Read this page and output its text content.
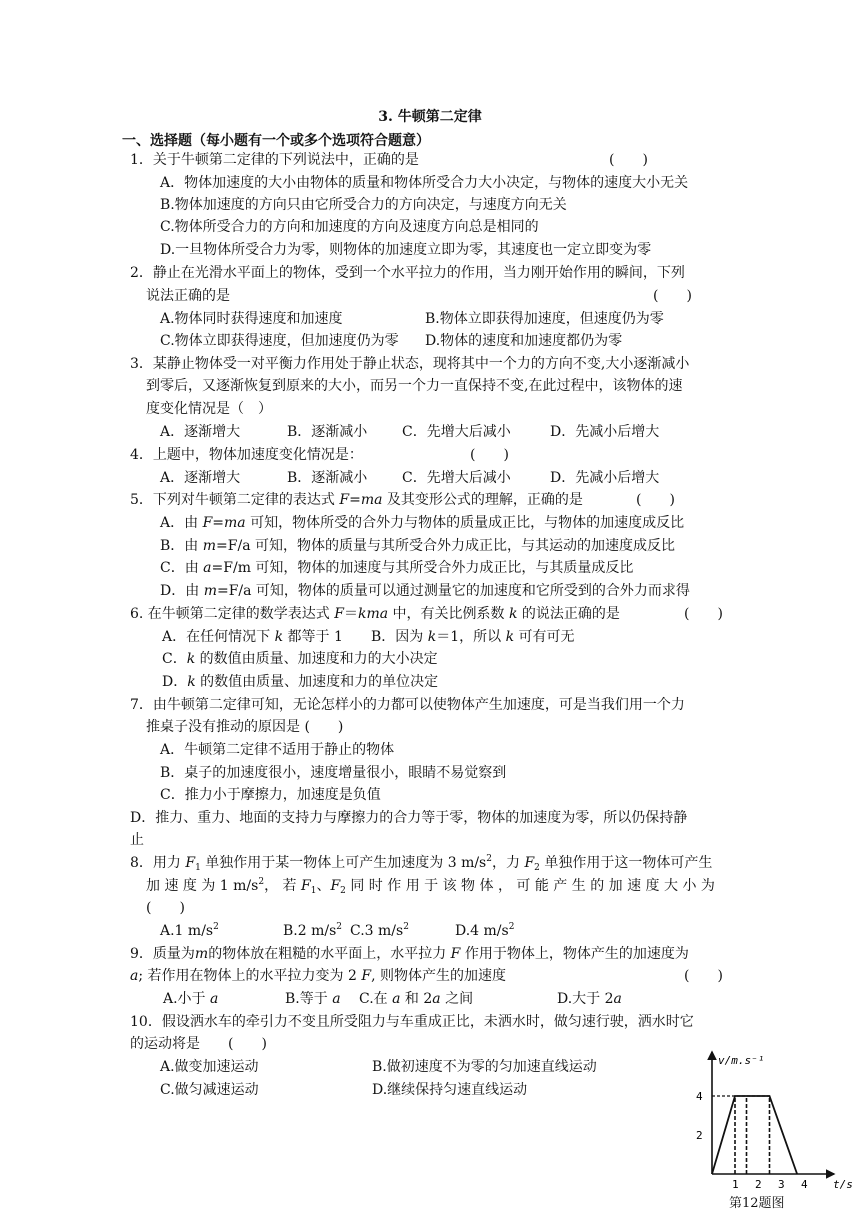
3. 牛顿第二定律
一、选择题（每小题有一个或多个选项符合题意）
1．关于牛顿第二定律的下列说法中，正确的是	(　　)
A．物体加速度的大小由物体的质量和物体所受合力大小决定，与物体的速度大小无关
B.物体加速度的方向只由它所受合力的方向决定，与速度方向无关
C.物体所受合力的方向和加速度的方向及速度方向总是相同的
D.一旦物体所受合力为零，则物体的加速度立即为零，其速度也一定立即变为零
2．静止在光滑水平面上的物体，受到一个水平拉力的作用，当力刚开始作用的瞬间，下列
说法正确的是	(　　)
A.物体同时获得速度和加速度	B.物体立即获得加速度，但速度仍为零
C.物体立即获得速度，但加速度仍为零 D.物体的速度和加速度都仍为零
3．某静止物体受一对平衡力作用处于静止状态，现将其中一个力的方向不变,大小逐渐减小
到零后，又逐渐恢复到原来的大小，而另一个力一直保持不变,在此过程中，该物体的速
度变化情况是（　）
A．逐渐增大	B．逐渐减小 C．先增大后减小	D．先减小后增大
4．上题中，物体加速度变化情况是：	(　　)
A．逐渐增大	B．逐渐减小 C．先增大后减小	D．先减小后增大
5．下列对牛顿第二定律的表达式 F=ma 及其变形公式的理解，正确的是	(　　)
A．由 F=ma 可知，物体所受的合外力与物体的质量成正比，与物体的加速度成反比
B．由 m=F/a 可知，物体的质量与其所受合外力成正比，与其运动的加速度成反比
C．由 a=F/m 可知，物体的加速度与其所受合外力成正比，与其质量成反比
D．由 m=F/a 可知，物体的质量可以通过测量它的加速度和它所受到的合外力而求得
6. 在牛顿第二定律的数学表达式 F＝kma 中，有关比例系数 k 的说法正确的是	(　　)
A．在任何情况下 k 都等于 1 B．因为 k＝1，所以 k 可有可无
C．k 的数值由质量、加速度和力的大小决定
D．k 的数值由质量、加速度和力的单位决定
7．由牛顿第二定律可知，无论怎样小的力都可以使物体产生加速度，可是当我们用一个力
推桌子没有推动的原因是 (　　)
A．牛顿第二定律不适用于静止的物体
B．桌子的加速度很小，速度增量很小，眼睛不易觉察到
C．推力小于摩擦力，加速度是负值
D．推力、重力、地面的支持力与摩擦力的合力等于零，物体的加速度为零，所以仍保持静
止
8．用力 $F_1$ 单独作用于某一物体上可产生加速度为 3 $m/s^2$，力 $F_2$ 单独作用于这一物体可产生
加 速 度 为 1 $m/s^2$， 若 $F_1$、$F_2$ 同 时 作 用 于 该 物 体 ， 可 能 产 生 的 加 速 度 大 小 为
(　　)
A.1 $m/s^2$	B.2 $m/s^2$ C.3 $m/s^2$	D.4 $m/s^2$
9．质量为m的物体放在粗糙的水平面上，水平拉力 F 作用于物体上，物体产生的加速度为
a; 若作用在物体上的水平拉力变为 2 F, 则物体产生的加速度	(　　)
A.小于 a	B.等于 a C.在 a 和 2a 之间	D.大于 2a
10．假设洒水车的牵引力不变且所受阻力与车重成正比，未洒水时，做匀速行驶，洒水时它
的运动将是　　(　　)
A.做变加速运动	B.做初速度不为零的匀加速直线运动
C.做匀减速运动	D.继续保持匀速直线运动
v/m.s⁻¹
t/s
4
2
1 2 3 4
第12题图
